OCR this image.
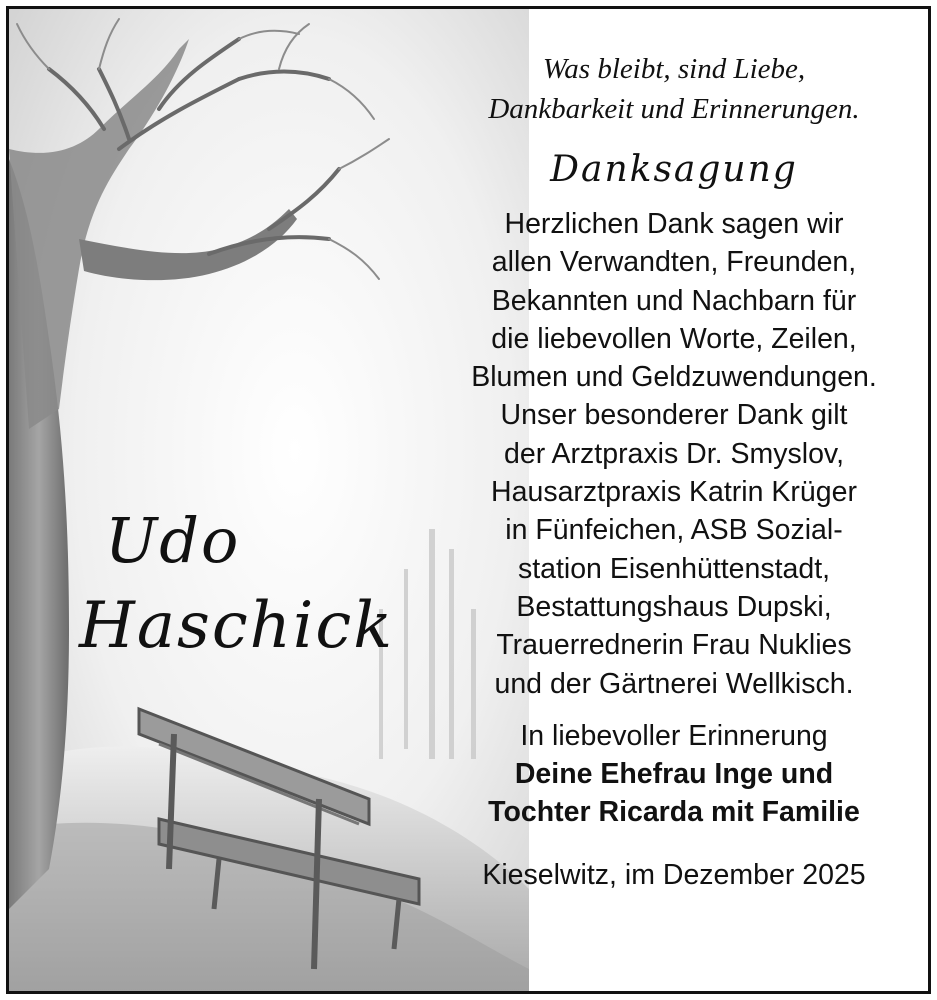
Udo
Haschick
Was bleibt, sind Liebe,
Dankbarkeit und Erinnerungen.
Danksagung
Herzlichen Dank sagen wir
allen Verwandten, Freunden,
Bekannten und Nachbarn für
die liebevollen Worte, Zeilen,
Blumen und Geldzuwendungen.
Unser besonderer Dank gilt
der Arztpraxis Dr. Smyslov,
Hausarztpraxis Katrin Krüger
in Fünfeichen, ASB Sozial-
station Eisenhüttenstadt,
Bestattungshaus Dupski,
Trauerrednerin Frau Nuklies
und der Gärtnerei Wellkisch.
In liebevoller Erinnerung
Deine Ehefrau Inge und
Tochter Ricarda mit Familie
Kieselwitz, im Dezember 2025
